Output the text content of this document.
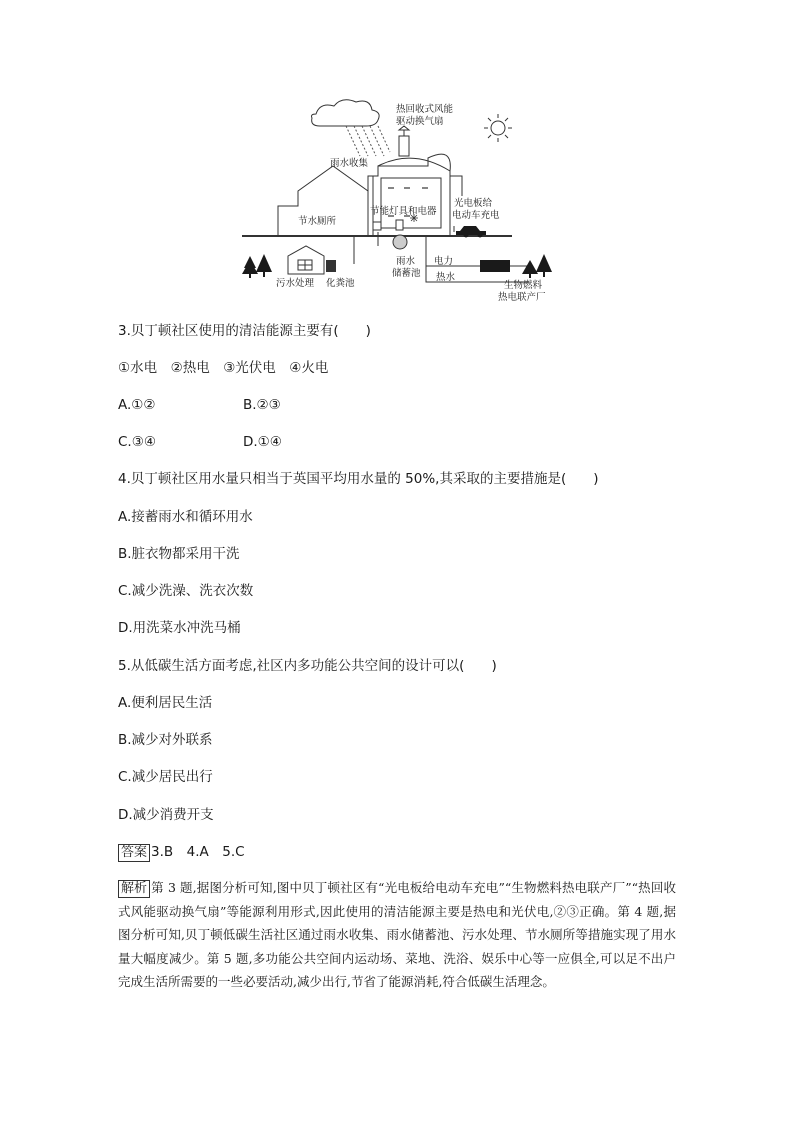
热回收式风能
驱动换气扇
雨水收集
光电板给
电动车充电
节能灯具和电器
节水厕所
雨水
储蓄池
污水处理 化粪池
电力
热水
生物燃料
热电联产厂
3.贝丁顿社区使用的清洁能源主要有(　　)
①水电　②热电　③光伏电　④火电
A.①②	B.②③
C.③④	D.①④
4.贝丁顿社区用水量只相当于英国平均用水量的 50%,其采取的主要措施是(　　)
A.接蓄雨水和循环用水
B.脏衣物都采用干洗
C.减少洗澡、洗衣次数
D.用洗菜水冲洗马桶
5.从低碳生活方面考虑,社区内多功能公共空间的设计可以(　　)
A.便利居民生活
B.减少对外联系
C.减少居民出行
D.减少消费开支
答案 3.B　4.A　5.C
解析 第 3 题,据图分析可知,图中贝丁顿社区有“光电板给电动车充电”“生物燃料热电联产厂”“热回收式风能驱动换气扇”等能源利用形式,因此使用的清洁能源主要是热电和光伏电,②③正确。第 4 题,据图分析可知,贝丁顿低碳生活社区通过雨水收集、雨水储蓄池、污水处理、节水厕所等措施实现了用水量大幅度减少。第 5 题,多功能公共空间内运动场、菜地、洗浴、娱乐中心等一应俱全,可以足不出户完成生活所需要的一些必要活动,减少出行,节省了能源消耗,符合低碳生活理念。
